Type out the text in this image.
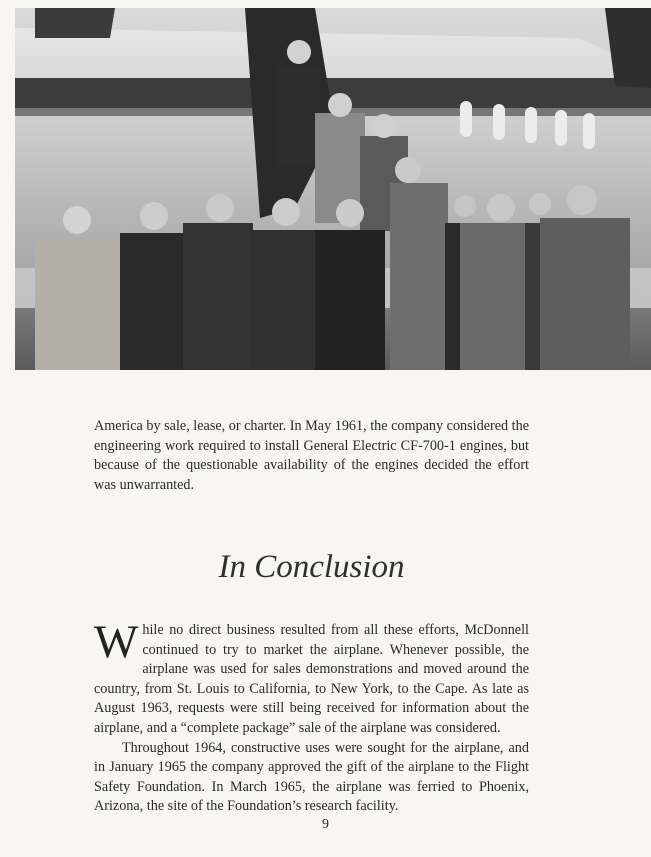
America by sale, lease, or charter. In May 1961, the company considered the engineering work required to install General Electric CF-700-1 engines, but because of the questionable availability of the engines decided the effort was unwarranted.
In Conclusion

While no direct business resulted from all these efforts, McDonnell continued to try to market the airplane. Whenever possible, the airplane was used for sales demonstrations and moved around the country, from St. Louis to California, to New York, to the Cape. As late as August 1963, requests were still being received for information about the airplane, and a “complete package” sale of the airplane was considered.

Throughout 1964, constructive uses were sought for the airplane, and in January 1965 the company approved the gift of the airplane to the Flight Safety Foundation. In March 1965, the airplane was ferried to Phoenix, Arizona, the site of the Foundation’s research facility.

9
